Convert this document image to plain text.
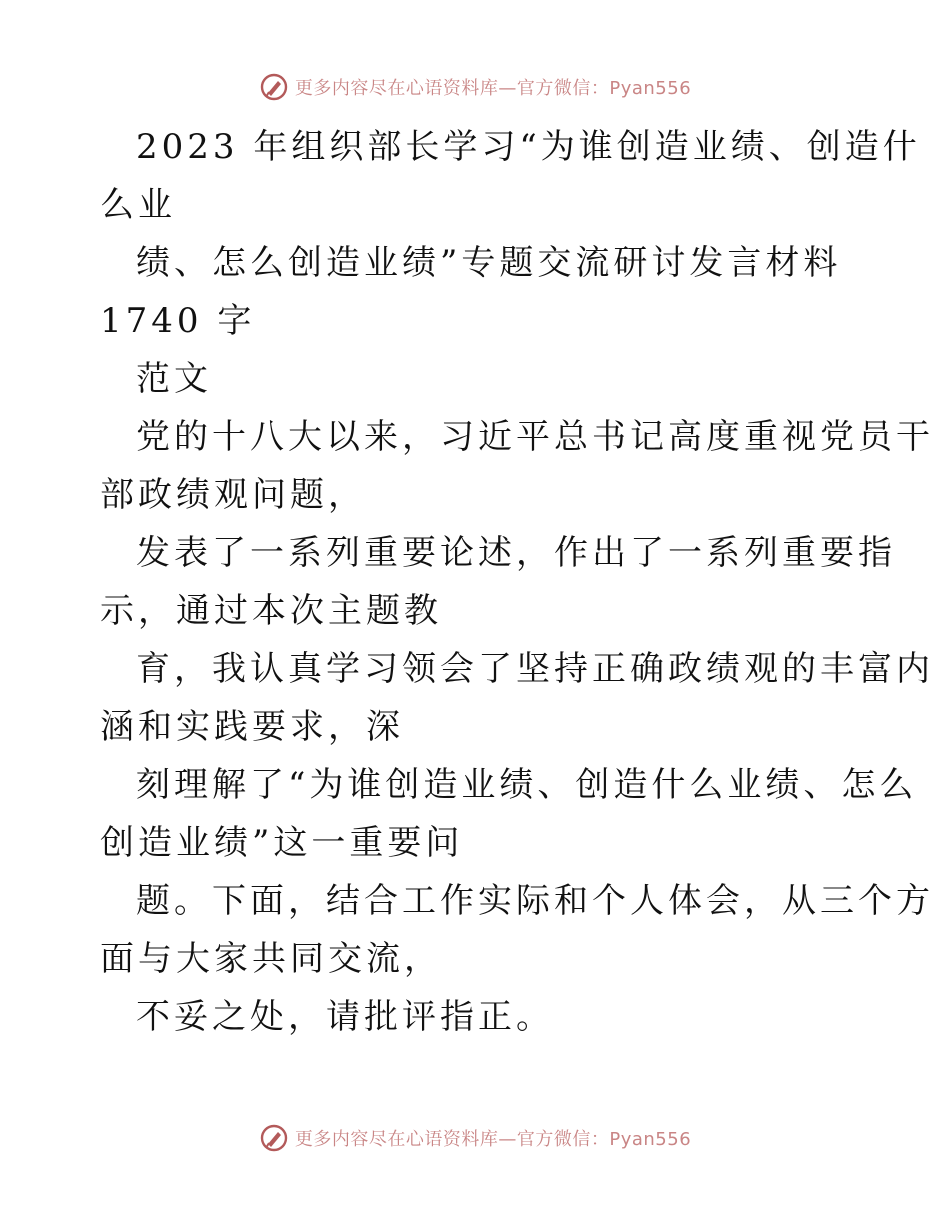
更多内容尽在心语资料库—官方微信：Pyan556
2023 年组织部长学习“为谁创造业绩、创造什
么业
绩、怎么创造业绩”专题交流研讨发言材料
1740 字
范文
党的十八大以来，习近平总书记高度重视党员干
部政绩观问题，
发表了一系列重要论述，作出了一系列重要指
示，通过本次主题教
育，我认真学习领会了坚持正确政绩观的丰富内
涵和实践要求，深
刻理解了“为谁创造业绩、创造什么业绩、怎么
创造业绩”这一重要问
题。下面，结合工作实际和个人体会，从三个方
面与大家共同交流，
不妥之处，请批评指正。
更多内容尽在心语资料库—官方微信：Pyan556
